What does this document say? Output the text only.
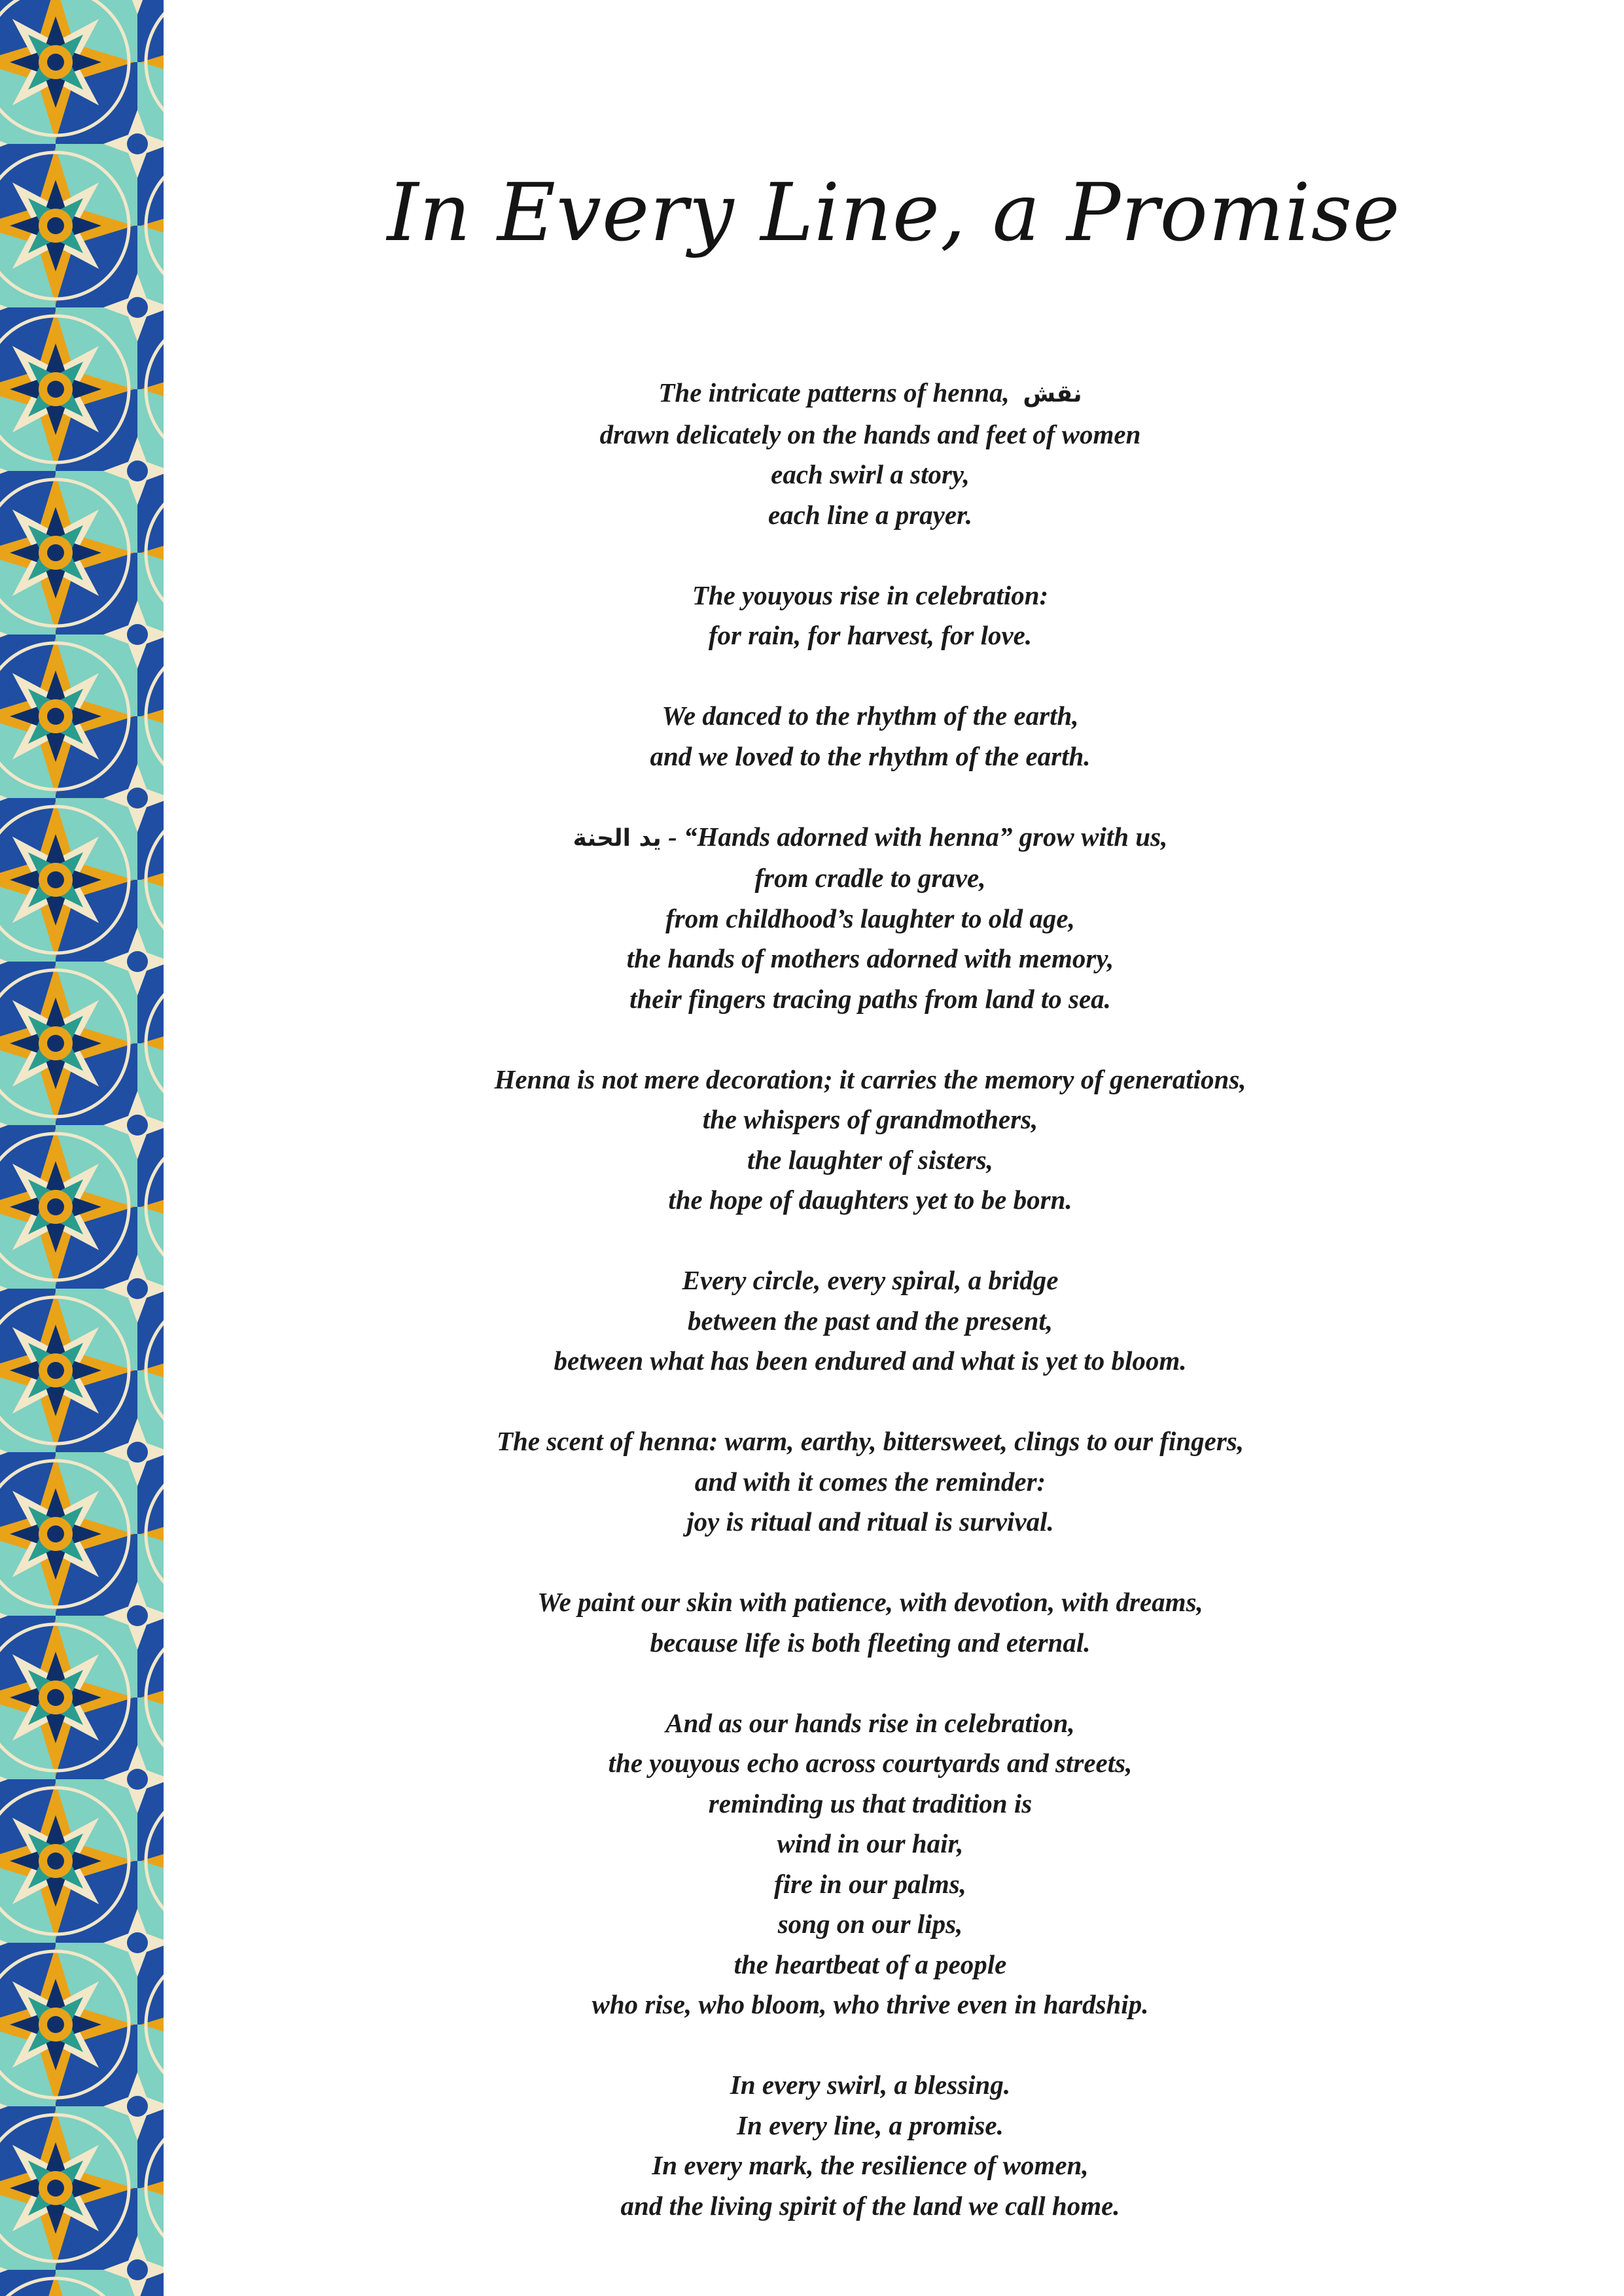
In Every Line, a Promise
The intricate patterns of henna, نقش
drawn delicately on the hands and feet of women
each swirl a story,
each line a prayer.
The youyous rise in celebration:
for rain, for harvest, for love.
We danced to the rhythm of the earth,
and we loved to the rhythm of the earth.
يد الحنة - “Hands adorned with henna” grow with us,
from cradle to grave,
from childhood’s laughter to old age,
the hands of mothers adorned with memory,
their fingers tracing paths from land to sea.
Henna is not mere decoration; it carries the memory of generations,
the whispers of grandmothers,
the laughter of sisters,
the hope of daughters yet to be born.
Every circle, every spiral, a bridge
between the past and the present,
between what has been endured and what is yet to bloom.
The scent of henna: warm, earthy, bittersweet, clings to our fingers,
and with it comes the reminder:
joy is ritual and ritual is survival.
We paint our skin with patience, with devotion, with dreams,
because life is both fleeting and eternal.
And as our hands rise in celebration,
the youyous echo across courtyards and streets,
reminding us that tradition is
wind in our hair,
fire in our palms,
song on our lips,
the heartbeat of a people
who rise, who bloom, who thrive even in hardship.
In every swirl, a blessing.
In every line, a promise.
In every mark, the resilience of women,
and the living spirit of the land we call home.
